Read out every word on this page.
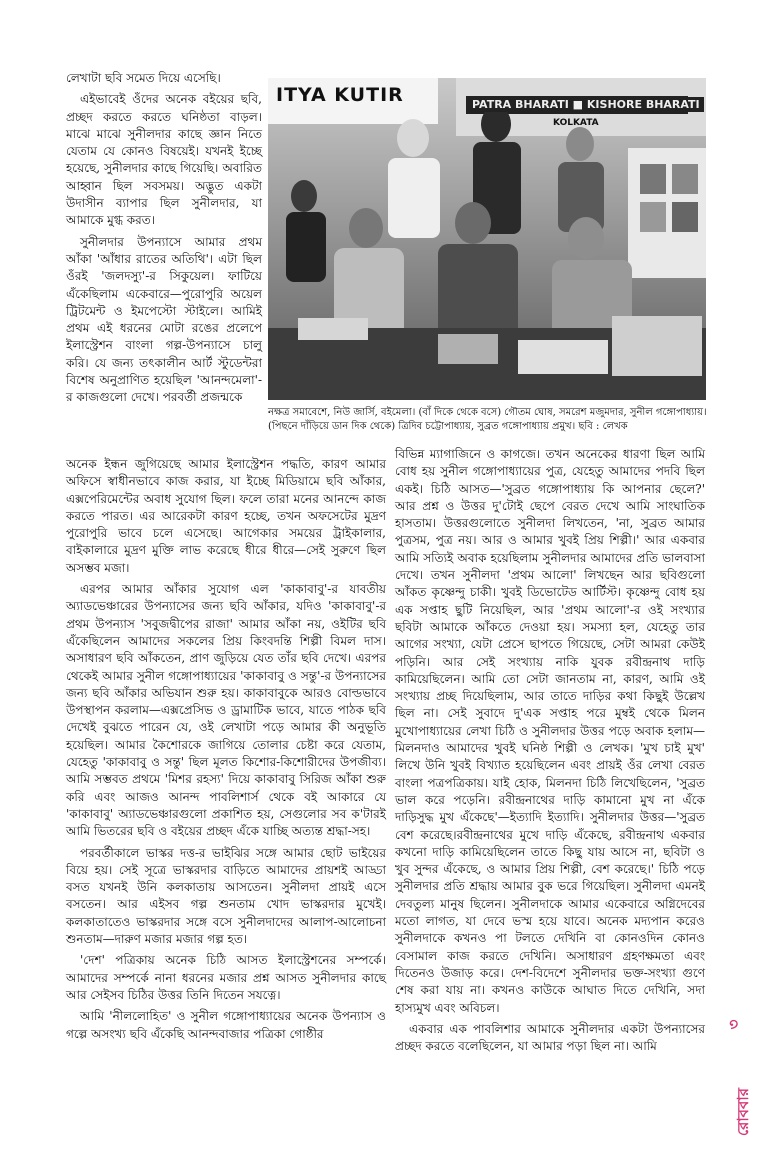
লেখাটা ছবি সমেত দিয়ে এসেছি।

এইভাবেই ওঁদের অনেক বইয়ের ছবি, প্রচ্ছদ করতে করতে ঘনিষ্ঠতা বাড়ল। মাঝে মাঝে সুনীলদার কাছে জ্ঞান নিতে যেতাম যে কোনও বিষয়েই। যখনই ইচ্ছে হয়েছে, সুনীলদার কাছে গিয়েছি। অবারিত আহ্বান ছিল সবসময়। অদ্ভুত একটা উদাসীন ব্যাপার ছিল সুনীলদার, যা আমাকে মুগ্ধ করত।

সুনীলদার উপন্যাসে আমার প্রথম আঁকা 'আঁধার রাতের অতিথি'। এটা ছিল ওঁরই 'জলদস্যু'-র সিকুয়েল। ফাটিয়ে এঁকেছিলাম একেবারে—পুরোপুরি অয়েল ট্রিটমেন্ট ও ইমপেস্টো স্টাইলে। আমিই প্রথম এই ধরনের মোটা রঙের প্রলেপে ইলাস্ট্রেশন বাংলা গল্প-উপন্যাসে চালু করি। যে জন্য তৎকালীন আর্ট স্টুডেন্টরা বিশেষ অনুপ্রাণিত হয়েছিল 'আনন্দমেলা'-র কাজগুলো দেখে। পরবর্তী প্রজন্মকে

ITYA KUTIR	PATRA BHARATI ■ KISHORE BHARATI
KOLKATA
নক্ষত্র সমাবেশে, নিউ জার্সি, বইমেলা। (বাঁ দিকে থেকে বসে) গৌতম ঘোষ, সমরেশ মজুমদার, সুনীল গঙ্গোপাধ্যায়। (পিছনে দাঁড়িয়ে ডান দিক থেকে) ত্রিদিব চট্টোপাধ্যায়, সুব্রত গঙ্গোপাধ্যায় প্রমুখ। ছবি : লেখক

অনেক ইন্ধন জুগিয়েছে আমার ইলাস্ট্রেশন পদ্ধতি, কারণ আমার অফিসে স্বাধীনভাবে কাজ করার, যা ইচ্ছে মিডিয়ামে ছবি আঁকার, এক্সপেরিমেন্টের অবাধ সুযোগ ছিল। ফলে তারা মনের আনন্দে কাজ করতে পারত। এর আরেকটা কারণ হচ্ছে, তখন অফসেটের মুদ্রণ পুরোপুরি ভাবে চলে এসেছে। আগেকার সময়ের ট্রাইকালার, বাইকালারে মুদ্রণ মুক্তি লাভ করেছে ধীরে ধীরে—সেই সুরুণে ছিল অসম্ভব মজা।

এরপর আমার আঁকার সুযোগ এল 'কাকাবাবু'-র যাবতীয় অ্যাডভেঞ্চারের উপন্যাসের জন্য ছবি আঁকার, যদিও 'কাকাবাবু'-র প্রথম উপন্যাস 'সবুজদ্বীপের রাজা' আমার আঁকা নয়, ওইটির ছবি এঁকেছিলেন আমাদের সকলের প্রিয় কিংবদন্তি শিল্পী বিমল দাস। অসাধারণ ছবি আঁকতেন, প্রাণ জুড়িয়ে যেত তাঁর ছবি দেখে। এরপর থেকেই আমার সুনীল গঙ্গোপাধ্যায়ের 'কাকাবাবু ও সন্তু'-র উপন্যাসের জন্য ছবি আঁকার অভিযান শুরু হয়। কাকাবাবুকে আরও বোল্ডভাবে উপস্থাপন করলাম—এক্সপ্রেসিভ ও ড্রামাটিক ভাবে, যাতে পাঠক ছবি দেখেই বুঝতে পারেন যে, ওই লেখাটা পড়ে আমার কী অনুভূতি হয়েছিল। আমার কৈশোরকে জাগিয়ে তোলার চেষ্টা করে যেতাম, যেহেতু 'কাকাবাবু ও সন্তু' ছিল মূলত কিশোর-কিশোরীদের উপজীব্য। আমি সম্ভবত প্রথমে 'মিশর রহস্য' দিয়ে কাকাবাবু সিরিজ আঁকা শুরু করি এবং আজও আনন্দ পাবলিশার্স থেকে বই আকারে যে 'কাকাবাবু' অ্যাডভেঞ্চারগুলো প্রকাশিত হয়, সেগুলোর সব ক'টারই আমি ভিতরের ছবি ও বইয়ের প্রচ্ছদ এঁকে যাচ্ছি অত্যন্ত শ্রদ্ধা-সহ।

পরবর্তীকালে ভাস্কর দত্ত-র ভাইঝির সঙ্গে আমার ছোট ভাইয়ের বিয়ে হয়। সেই সূত্রে ভাস্করদার বাড়িতে আমাদের প্রায়শই আড্ডা বসত যখনই উনি কলকাতায় আসতেন। সুনীলদা প্রায়ই এসে বসতেন। আর এইসব গল্প শুনতাম খোদ ভাস্করদার মুখেই। কলকাতাতেও ভাস্করদার সঙ্গে বসে সুনীলদাদের আলাপ-আলোচনা শুনতাম—দারুণ মজার মজার গল্প হত।

'দেশ' পত্রিকায় অনেক চিঠি আসত ইলাস্ট্রেশনের সম্পর্কে। আমাদের সম্পর্কে নানা ধরনের মজার প্রশ্ন আসত সুনীলদার কাছে আর সেইসব চিঠির উত্তর তিনি দিতেন সযত্নে।

আমি 'নীললোহিত' ও সুনীল গঙ্গোপাধ্যায়ের অনেক উপন্যাস ও গল্পে অসংখ্য ছবি এঁকেছি আনন্দবাজার পত্রিকা গোষ্ঠীর

বিভিন্ন ম্যাগাজিনে ও কাগজে। তখন অনেকের ধারণা ছিল আমি বোধ হয় সুনীল গঙ্গোপাধ্যায়ের পুত্র, যেহেতু আমাদের পদবি ছিল একই। চিঠি আসত—'সুব্রত গঙ্গোপাধ্যায় কি আপনার ছেলে?' আর প্রশ্ন ও উত্তর দু'টোই ছেপে বেরত দেখে আমি সাংঘাতিক হাসতাম। উত্তরগুলোতে সুনীলদা লিখতেন, 'না, সুব্রত আমার পুত্রসম, পুত্র নয়। আর ও আমার খুবই প্রিয় শিল্পী।' আর একবার আমি সত্যিই অবাক হয়েছিলাম সুনীলদার আমাদের প্রতি ভালবাসা দেখে। তখন সুনীলদা 'প্রথম আলো' লিখছেন আর ছবিগুলো আঁকত কৃষ্ণেন্দু চাকী। খুবই ডিভোটেড আর্টিস্ট। কৃষ্ণেন্দু বোধ হয় এক সপ্তাহ ছুটি নিয়েছিল, আর 'প্রথম আলো'-র ওই সংখ্যার ছবিটা আমাকে আঁকতে দেওয়া হয়। সমস্যা হল, যেহেতু তার আগের সংখ্যা, যেটা প্রেসে ছাপতে গিয়েছে, সেটা আমরা কেউই পড়িনি। আর সেই সংখ্যায় নাকি যুবক রবীন্দ্রনাথ দাড়ি কামিয়েছিলেন। আমি তো সেটা জানতাম না, কারণ, আমি ওই সংখ্যায় প্রচ্ছ দিয়েছিলাম, আর তাতে দাড়ির কথা কিছুই উল্লেখ ছিল না। সেই সুবাদে দু'এক সপ্তাহ পরে মুম্বই থেকে মিলন মুখোপাধ্যায়ের লেখা চিঠি ও সুনীলদার উত্তর পড়ে অবাক হলাম—মিলনদাও আমাদের খুবই ঘনিষ্ঠ শিল্পী ও লেখক। 'মুখ চাই মুখ' লিখে উনি খুবই বিখ্যাত হয়েছিলেন এবং প্রায়ই ওঁর লেখা বেরত বাংলা পত্রপত্রিকায়। যাই হোক, মিলনদা চিঠি লিখেছিলেন, 'সুব্রত ভাল করে পড়েনি। রবীন্দ্রনাথের দাড়ি কামানো মুখ না এঁকে দাড়িসুদ্ধ মুখ এঁকেছে'—ইত্যাদি ইত্যাদি। সুনীলদার উত্তর—'সুব্রত বেশ করেছে।রবীন্দ্রনাথের মুখে দাড়ি এঁকেছে, রবীন্দ্রনাথ একবার কখনো দাড়ি কামিয়েছিলেন তাতে কিছু যায় আসে না, ছবিটা ও খুব সুন্দর এঁকেছে, ও আমার প্রিয় শিল্পী, বেশ করেছে।' চিঠি পড়ে সুনীলদার প্রতি শ্রদ্ধায় আমার বুক ভরে গিয়েছিল। সুনীলদা এমনই দেবতুল্য মানুষ ছিলেন। সুনীলদাকে আমার একেবারে অগ্নিদেবের মতো লাগত, যা দেবে ভস্ম হয়ে যাবে। অনেক মদ্যপান করেও সুনীলদাকে কখনও পা টলতে দেখিনি বা কোনওদিন কোনও বেসামাল কাজ করতে দেখিনি। অসাধারণ গ্রহণক্ষমতা এবং দিতেনও উজাড় করে। দেশ-বিদেশে সুনীলদার ভক্ত-সংখ্যা গুণে শেষ করা যায় না। কখনও কাউকে আঘাত দিতে দেখিনি, সদা হাস্যমুখ এবং অবিচল।

একবার এক পাবলিশার আমাকে সুনীলদার একটা উপন্যাসের প্রচ্ছদ করতে বলেছিলেন, যা আমার পড়া ছিল না। আমি

৩
রোববার
